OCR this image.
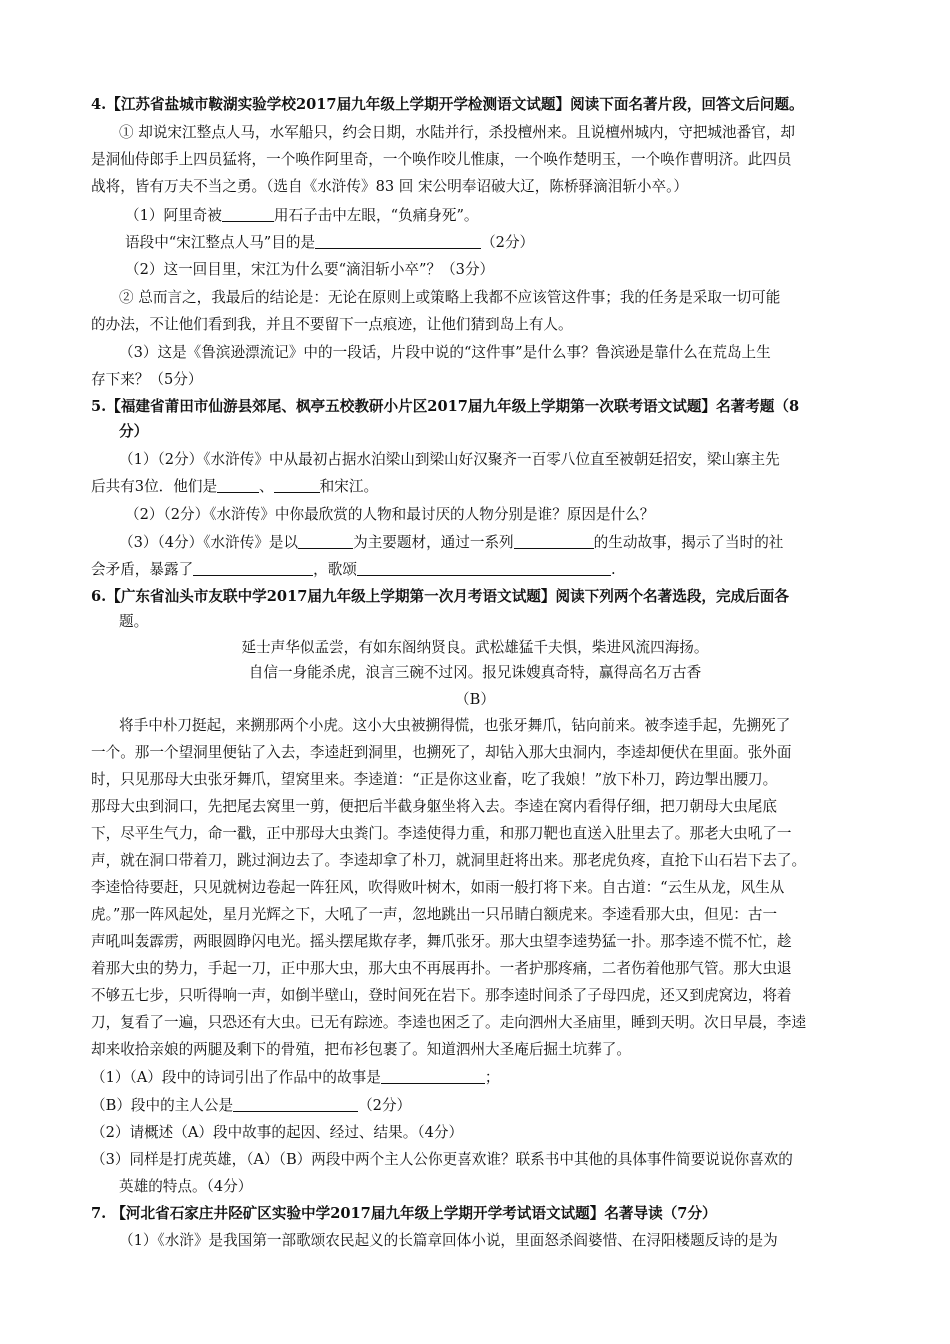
4.【江苏省盐城市鞍湖实验学校2017届九年级上学期开学检测语文试题】阅读下面名著片段，回答文后问题。
① 却说宋江整点人马，水军船只，约会日期，水陆并行，杀投檀州来。且说檀州城内，守把城池番官，却
是洞仙侍郎手上四员猛将，一个唤作阿里奇，一个唤作咬儿惟康，一个唤作楚明玉，一个唤作曹明济。此四员
战将，皆有万夫不当之勇。（选自《水浒传》83 回 宋公明奉诏破大辽，陈桥驿滴泪斩小卒。）
（1）阿里奇被	用石子击中左眼，“负痛身死”。
语段中“宋江整点人马”目的是	（2分）
（2）这一回目里，宋江为什么要“滴泪斩小卒”？（3分）
② 总而言之，我最后的结论是：无论在原则上或策略上我都不应该管这件事；我的任务是采取一切可能
的办法，不让他们看到我，并且不要留下一点痕迹，让他们猜到岛上有人。
（3）这是《鲁滨逊漂流记》中的一段话，片段中说的“这件事”是什么事？鲁滨逊是靠什么在荒岛上生
存下来？（5分）
5.【福建省莆田市仙游县郊尾、枫亭五校教研小片区2017届九年级上学期第一次联考语文试题】名著考题（8
分）
（1）（2分）《水浒传》中从最初占据水泊梁山到梁山好汉聚齐一百零八位直至被朝廷招安，梁山寨主先
后共有3位．他们是	、	和宋江。
（2）（2分）《水浒传》中你最欣赏的人物和最讨厌的人物分别是谁？原因是什么？
（3）（4分）《水浒传》是以	为主要题材，通过一系列	的生动故事，揭示了当时的社
会矛盾，暴露了	，歌颂	.
6.【广东省汕头市友联中学2017届九年级上学期第一次月考语文试题】阅读下列两个名著选段，完成后面各
题。
延士声华似孟尝，有如东阁纳贤良。武松雄猛千夫惧，柴进风流四海扬。
自信一身能杀虎，浪言三碗不过冈。报兄诛嫂真奇特，赢得高名万古香
（B）
将手中朴刀挺起，来搠那两个小虎。这小大虫被搠得慌，也张牙舞爪，钻向前来。被李逵手起，先搠死了
一个。那一个望洞里便钻了入去，李逵赶到洞里，也搠死了，却钻入那大虫洞内，李逵却便伏在里面。张外面
时，只见那母大虫张牙舞爪，望窝里来。李逵道：“正是你这业畜，吃了我娘！”放下朴刀，跨边掣出腰刀。
那母大虫到洞口，先把尾去窝里一剪，便把后半截身躯坐将入去。李逵在窝内看得仔细，把刀朝母大虫尾底
下，尽平生气力，命一戳，正中那母大虫粪门。李逵使得力重，和那刀靶也直送入肚里去了。那老大虫吼了一
声，就在洞口带着刀，跳过涧边去了。李逵却拿了朴刀，就洞里赶将出来。那老虎负疼，直抢下山石岩下去了。
李逵恰待要赶，只见就树边卷起一阵狂风，吹得败叶树木，如雨一般打将下来。自古道：“云生从龙，风生从
虎。”那一阵风起处，星月光辉之下，大吼了一声，忽地跳出一只吊睛白额虎来。李逵看那大虫，但见：古一
声吼叫轰霹雳，两眼圆睁闪电光。摇头摆尾欺存孝，舞爪张牙。那大虫望李逵势猛一扑。那李逵不慌不忙，趁
着那大虫的势力，手起一刀，正中那大虫，那大虫不再展再扑。一者护那疼痛，二者伤着他那气管。那大虫退
不够五七步，只听得响一声，如倒半壁山，登时间死在岩下。那李逵时间杀了子母四虎，还又到虎窝边，将着
刀，复看了一遍，只恐还有大虫。已无有踪迹。李逵也困乏了。走向泗州大圣庙里，睡到天明。次日早晨，李逵
却来收拾亲娘的两腿及剩下的骨殖，把布衫包裹了。知道泗州大圣庵后掘土坑葬了。
（1）（A）段中的诗词引出了作品中的故事是	；
（B）段中的主人公是	（2分）
（2）请概述（A）段中故事的起因、经过、结果。（4分）
（3）同样是打虎英雄，（A）（B）两段中两个主人公你更喜欢谁？联系书中其他的具体事件简要说说你喜欢的
英雄的特点。（4分）
7. 【河北省石家庄井陉矿区实验中学2017届九年级上学期开学考试语文试题】名著导读（7分）
（1）《水浒》是我国第一部歌颂农民起义的长篇章回体小说，里面怒杀阎婆惜、在浔阳楼题反诗的是为
